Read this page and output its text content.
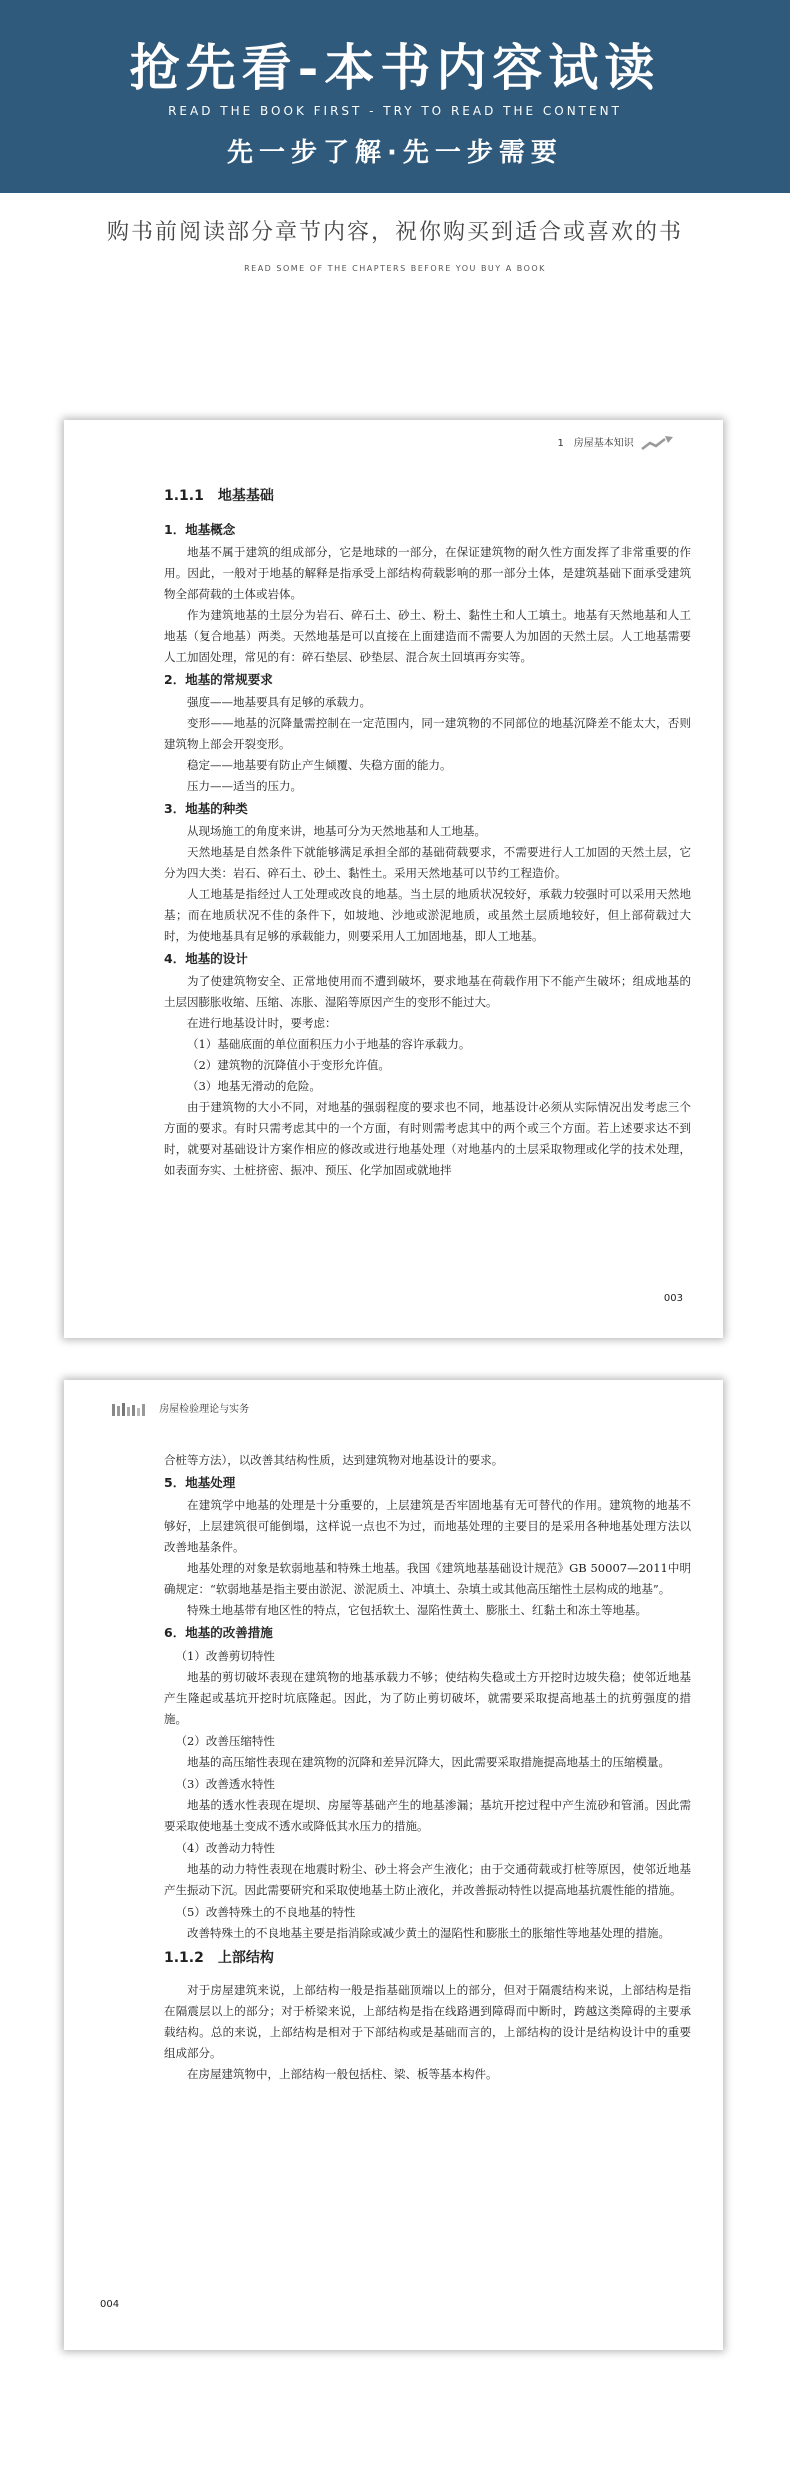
抢先看-本书内容试读
READ THE BOOK FIRST - TRY TO READ THE CONTENT
先一步了解·先一步需要
购书前阅读部分章节内容，祝你购买到适合或喜欢的书
READ SOME OF THE CHAPTERS BEFORE YOU BUY A BOOK
1　房屋基本知识
1.1.1　地基基础
1．地基概念

地基不属于建筑的组成部分，它是地球的一部分，在保证建筑物的耐久性方面发挥了非常重要的作用。因此，一般对于地基的解释是指承受上部结构荷载影响的那一部分土体，是建筑基础下面承受建筑物全部荷载的土体或岩体。

作为建筑地基的土层分为岩石、碎石土、砂土、粉土、黏性土和人工填土。地基有天然地基和人工地基（复合地基）两类。天然地基是可以直接在上面建造而不需要人为加固的天然土层。人工地基需要人工加固处理，常见的有：碎石垫层、砂垫层、混合灰土回填再夯实等。

2．地基的常规要求

强度——地基要具有足够的承载力。

变形——地基的沉降量需控制在一定范围内，同一建筑物的不同部位的地基沉降差不能太大，否则建筑物上部会开裂变形。

稳定——地基要有防止产生倾覆、失稳方面的能力。

压力——适当的压力。

3．地基的种类

从现场施工的角度来讲，地基可分为天然地基和人工地基。

天然地基是自然条件下就能够满足承担全部的基础荷载要求，不需要进行人工加固的天然土层，它分为四大类：岩石、碎石土、砂土、黏性土。采用天然地基可以节约工程造价。

人工地基是指经过人工处理或改良的地基。当土层的地质状况较好，承载力较强时可以采用天然地基；而在地质状况不佳的条件下，如坡地、沙地或淤泥地质，或虽然土层质地较好，但上部荷载过大时，为使地基具有足够的承载能力，则要采用人工加固地基，即人工地基。

4．地基的设计

为了使建筑物安全、正常地使用而不遭到破坏，要求地基在荷载作用下不能产生破坏；组成地基的土层因膨胀收缩、压缩、冻胀、湿陷等原因产生的变形不能过大。

在进行地基设计时，要考虑：

（1）基础底面的单位面积压力小于地基的容许承载力。

（2）建筑物的沉降值小于变形允许值。

（3）地基无滑动的危险。

由于建筑物的大小不同，对地基的强弱程度的要求也不同，地基设计必须从实际情况出发考虑三个方面的要求。有时只需考虑其中的一个方面，有时则需考虑其中的两个或三个方面。若上述要求达不到时，就要对基础设计方案作相应的修改或进行地基处理（对地基内的土层采取物理或化学的技术处理，如表面夯实、土桩挤密、振冲、预压、化学加固或就地拌

003
房屋检验理论与实务

合桩等方法），以改善其结构性质，达到建筑物对地基设计的要求。

5．地基处理

在建筑学中地基的处理是十分重要的，上层建筑是否牢固地基有无可替代的作用。建筑物的地基不够好，上层建筑很可能倒塌，这样说一点也不为过，而地基处理的主要目的是采用各种地基处理方法以改善地基条件。

地基处理的对象是软弱地基和特殊土地基。我国《建筑地基基础设计规范》GB 50007—2011中明确规定：“软弱地基是指主要由淤泥、淤泥质土、冲填土、杂填土或其他高压缩性土层构成的地基”。

特殊土地基带有地区性的特点，它包括软土、湿陷性黄土、膨胀土、红黏土和冻土等地基。

6．地基的改善措施

（1）改善剪切特性

地基的剪切破坏表现在建筑物的地基承载力不够；使结构失稳或土方开挖时边坡失稳；使邻近地基产生隆起或基坑开挖时坑底隆起。因此，为了防止剪切破坏，就需要采取提高地基土的抗剪强度的措施。

（2）改善压缩特性

地基的高压缩性表现在建筑物的沉降和差异沉降大，因此需要采取措施提高地基土的压缩模量。

（3）改善透水特性

地基的透水性表现在堤坝、房屋等基础产生的地基渗漏；基坑开挖过程中产生流砂和管涌。因此需要采取使地基土变成不透水或降低其水压力的措施。

（4）改善动力特性

地基的动力特性表现在地震时粉尘、砂土将会产生液化；由于交通荷载或打桩等原因，使邻近地基产生振动下沉。因此需要研究和采取使地基土防止液化，并改善振动特性以提高地基抗震性能的措施。

（5）改善特殊土的不良地基的特性

改善特殊土的不良地基主要是指消除或减少黄土的湿陷性和膨胀土的胀缩性等地基处理的措施。

1.1.2　上部结构

对于房屋建筑来说，上部结构一般是指基础顶端以上的部分，但对于隔震结构来说，上部结构是指在隔震层以上的部分；对于桥梁来说，上部结构是指在线路遇到障碍而中断时，跨越这类障碍的主要承载结构。总的来说，上部结构是相对于下部结构或是基础而言的，上部结构的设计是结构设计中的重要组成部分。

在房屋建筑物中，上部结构一般包括柱、梁、板等基本构件。

004
